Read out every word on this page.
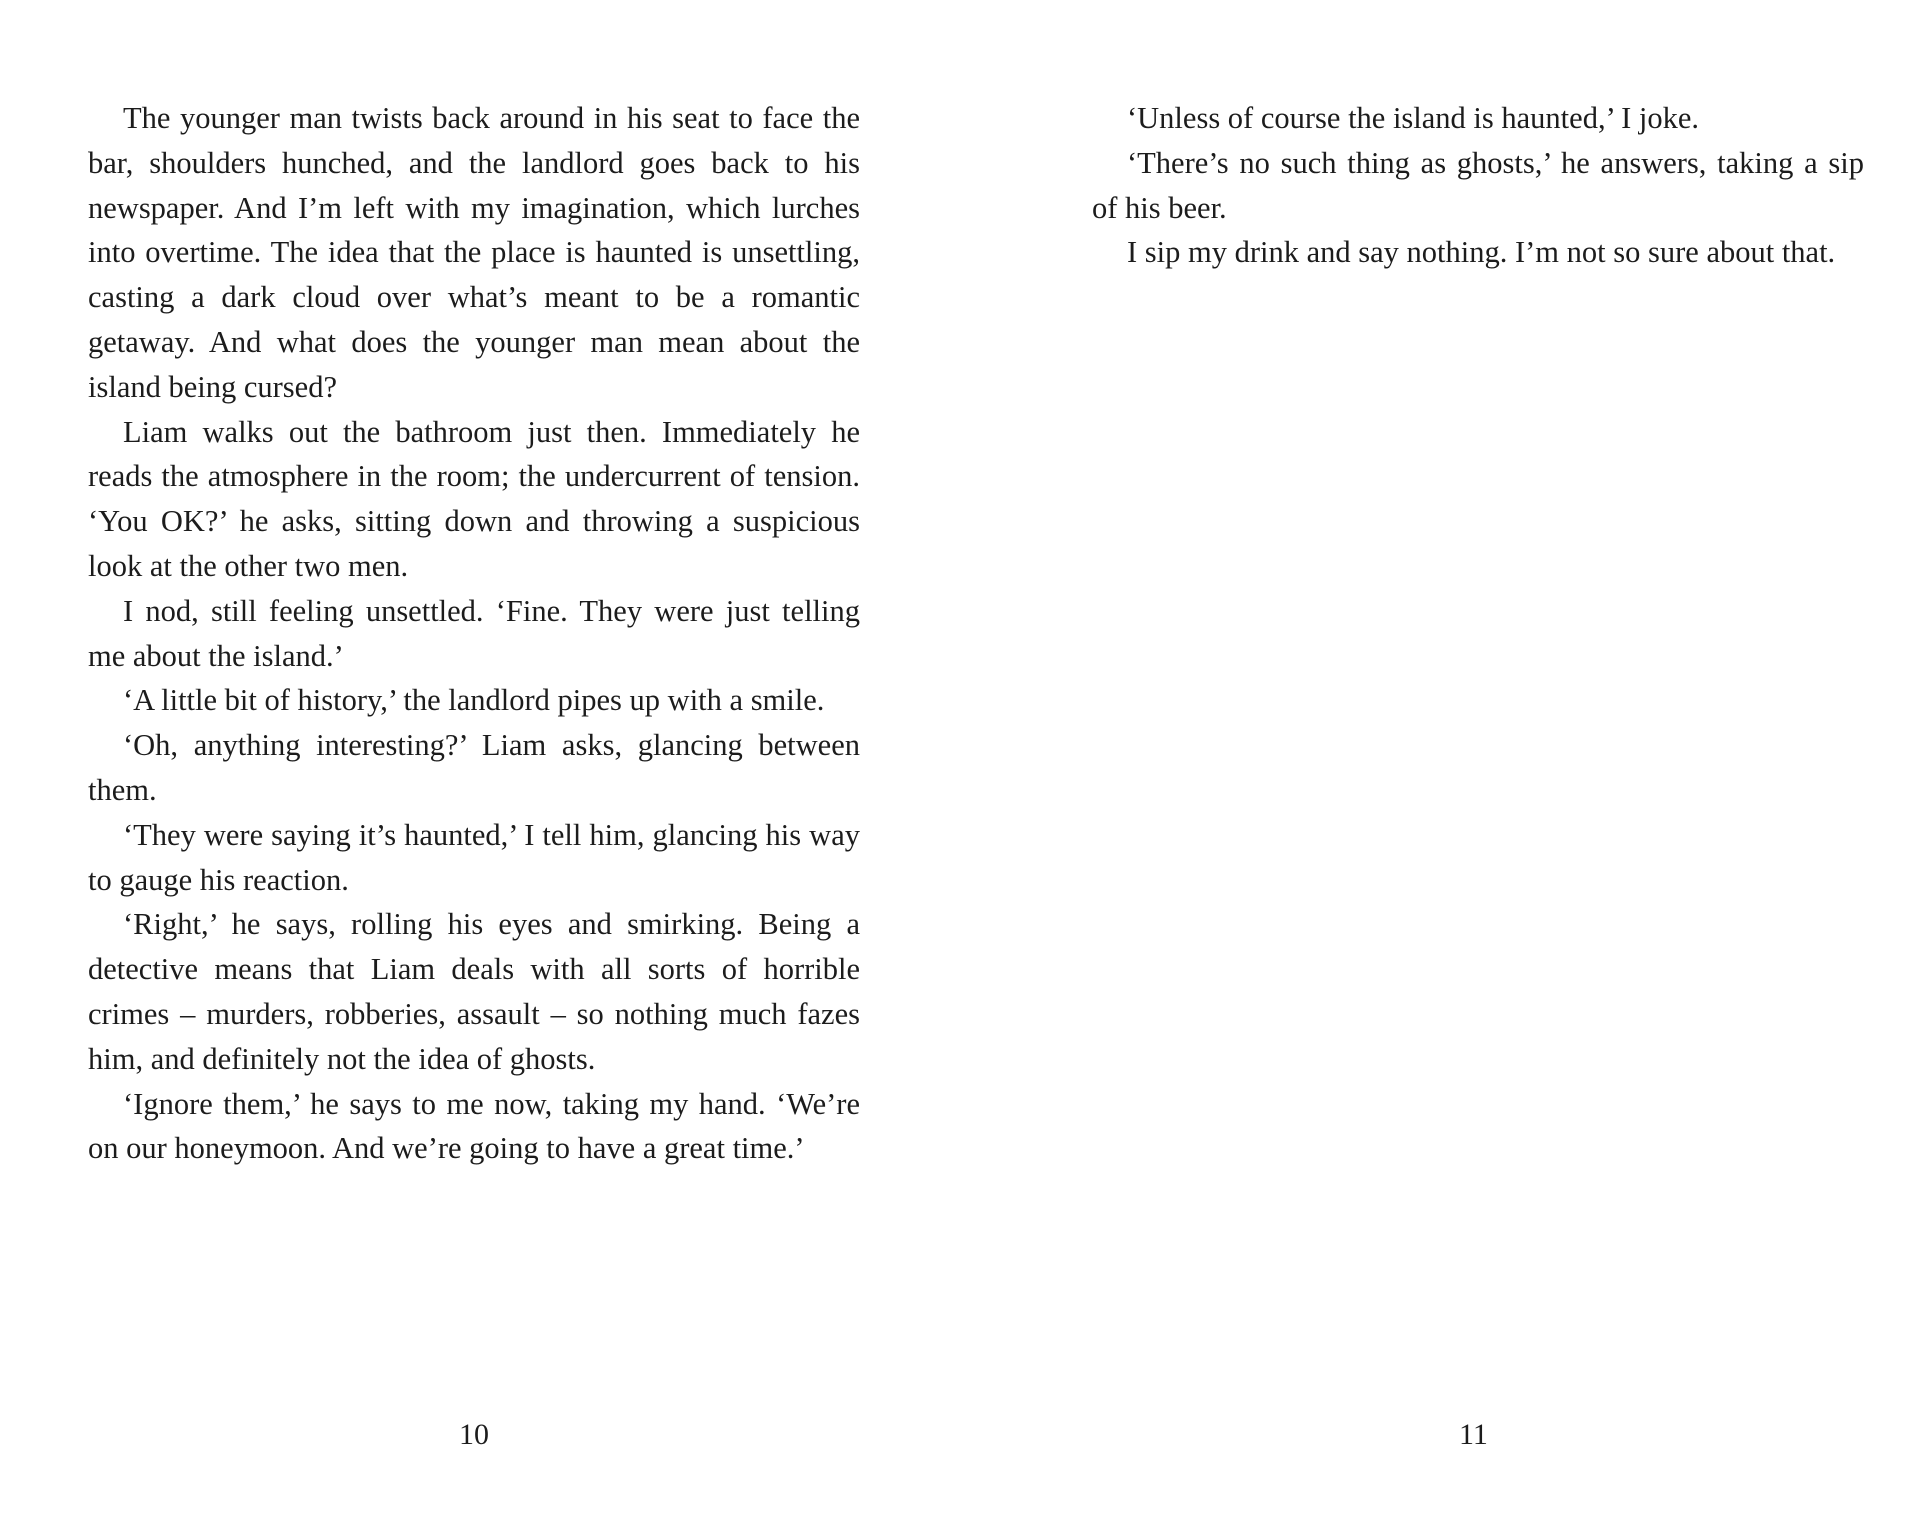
The younger man twists back around in his seat to face the bar, shoulders hunched, and the landlord goes back to his newspaper. And I’m left with my imagination, which lurches into overtime. The idea that the place is haunted is unsettling, casting a dark cloud over what’s meant to be a romantic getaway. And what does the younger man mean about the island being cursed?

Liam walks out the bathroom just then. Immediately he reads the atmosphere in the room; the undercurrent of tension. ‘You OK?’ he asks, sitting down and throwing a suspicious look at the other two men.

I nod, still feeling unsettled. ‘Fine. They were just telling me about the island.’

‘A little bit of history,’ the landlord pipes up with a smile.

‘Oh, anything interesting?’ Liam asks, glancing between them.

‘They were saying it’s haunted,’ I tell him, glancing his way to gauge his reaction.

‘Right,’ he says, rolling his eyes and smirking. Being a detective means that Liam deals with all sorts of horrible crimes – murders, robberies, assault – so nothing much fazes him, and definitely not the idea of ghosts.

‘Ignore them,’ he says to me now, taking my hand. ‘We’re on our honeymoon. And we’re going to have a great time.’

10

‘Unless of course the island is haunted,’ I joke.

‘There’s no such thing as ghosts,’ he answers, taking a sip of his beer.

I sip my drink and say nothing. I’m not so sure about that.

11
